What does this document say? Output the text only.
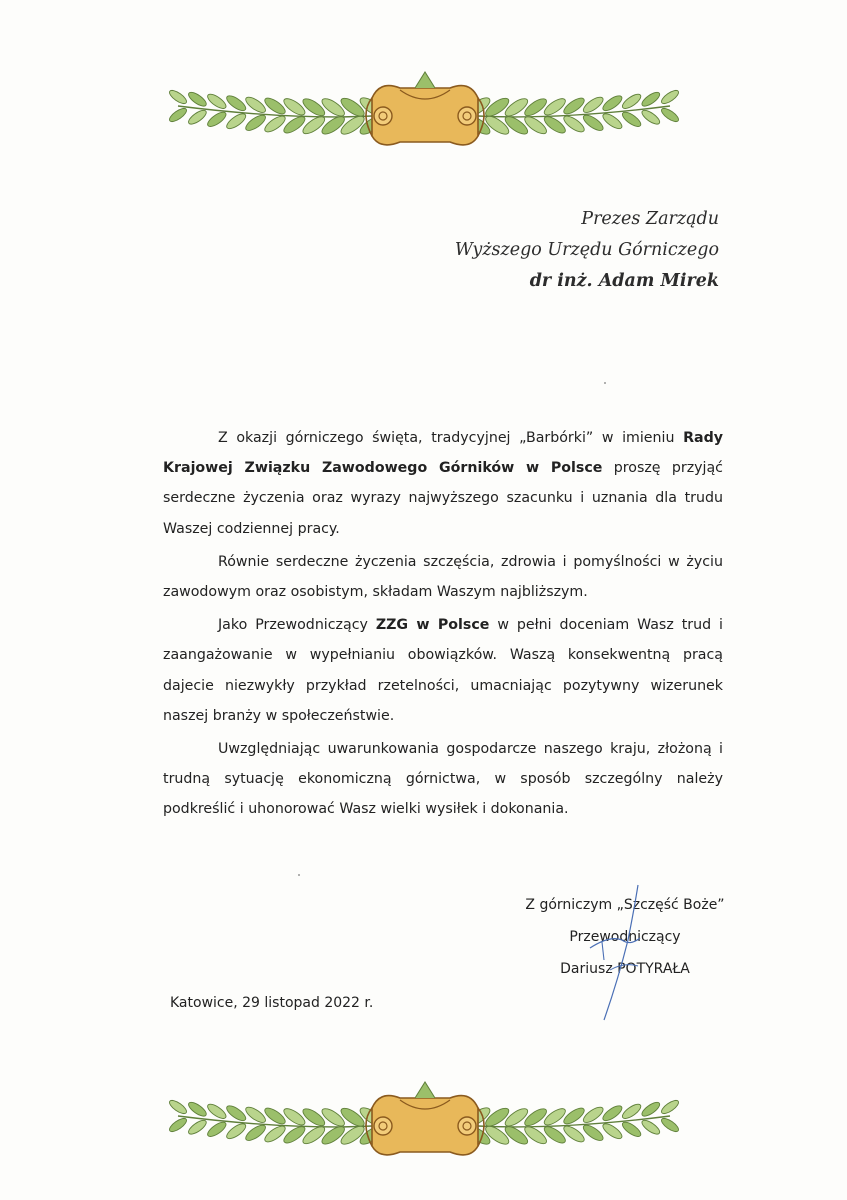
Prezes Zarządu
Wyższego Urzędu Górniczego
dr inż. Adam Mirek

Z okazji górniczego święta, tradycyjnej „Barbórki” w imieniu Rady Krajowej Związku Zawodowego Górników w Polsce proszę przyjąć serdeczne życzenia oraz wyrazy najwyższego szacunku i uznania dla trudu Waszej codziennej pracy.

Równie serdeczne życzenia szczęścia, zdrowia i pomyślności w życiu zawodowym oraz osobistym, składam Waszym najbliższym.

Jako Przewodniczący ZZG w Polsce w pełni doceniam Wasz trud i zaangażowanie w wypełnianiu obowiązków. Waszą konsekwentną pracą dajecie niezwykły przykład rzetelności, umacniając pozytywny wizerunek naszej branży w społeczeństwie.

Uwzględniając uwarunkowania gospodarcze naszego kraju, złożoną i trudną sytuację ekonomiczną górnictwa, w sposób szczególny należy podkreślić i uhonorować Wasz wielki wysiłek i dokonania.

Z górniczym „Szczęść Boże”
Przewodniczący
Dariusz POTYRAŁA
Katowice, 29 listopad 2022 r.
